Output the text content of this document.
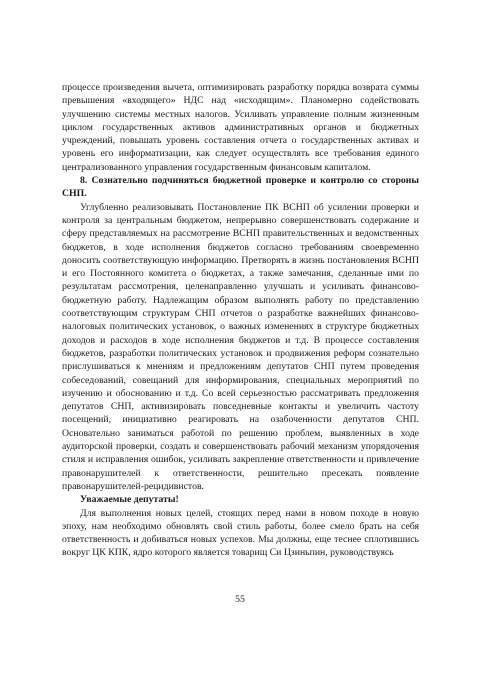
процессе произведения вычета, оптимизировать разработку порядка возврата суммы превышения «входящего» НДС над «исходящим». Планомерно содействовать улучшению системы местных налогов. Усиливать управление полным жизненным циклом государственных активов административных органов и бюджетных учреждений, повышать уровень составления отчета о государственных активах и уровень его информатизации, как следует осуществлять все требования единого централизованного управления государственным финансовым капиталом.

8. Сознательно подчиняться бюджетной проверке и контролю со стороны СНП.

Углубленно реализовывать Постановление ПК ВСНП об усилении проверки и контроля за центральным бюджетом, непрерывно совершенствовать содержание и сферу представляемых на рассмотрение ВСНП правительственных и ведомственных бюджетов, в ходе исполнения бюджетов согласно требованиям своевременно доносить соответствующую информацию. Претворять в жизнь постановления ВСНП и его Постоянного комитета о бюджетах, а также замечания, сделанные ими по результатам рассмотрения, целенаправленно улучшать и усиливать финансово-бюджетную работу. Надлежащим образом выполнять работу по представлению соответствующим структурам СНП отчетов о разработке важнейших финансово-налоговых политических установок, о важных изменениях в структуре бюджетных доходов и расходов в ходе исполнения бюджетов и т.д. В процессе составления бюджетов, разработки политических установок и продвижения реформ сознательно прислушиваться к мнениям и предложениям депутатов СНП путем проведения собеседований, совещаний для информирования, специальных мероприятий по изучению и обоснованию и т.д. Со всей серьезностью рассматривать предложения депутатов СНП, активизировать повседневные контакты и увеличить частоту посещений, инициативно реагировать на озабоченности депутатов СНП. Основательно заниматься работой по решению проблем, выявленных в ходе аудиторской проверки, создать и совершенствовать рабочий механизм упорядочения стиля и исправления ошибок, усиливать закрепление ответственности и привлечение правонарушителей к ответственности, решительно пресекать появление правонарушителей-рецидивистов.

Уважаемые депутаты!

Для выполнения новых целей, стоящих перед нами в новом походе в новую эпоху, нам необходимо обновлять свой стиль работы, более смело брать на себя ответственность и добиваться новых успехов. Мы должны, еще теснее сплотившись вокруг ЦК КПК, ядро которого является товарищ Си Цзиньпин, руководствуясь

55
